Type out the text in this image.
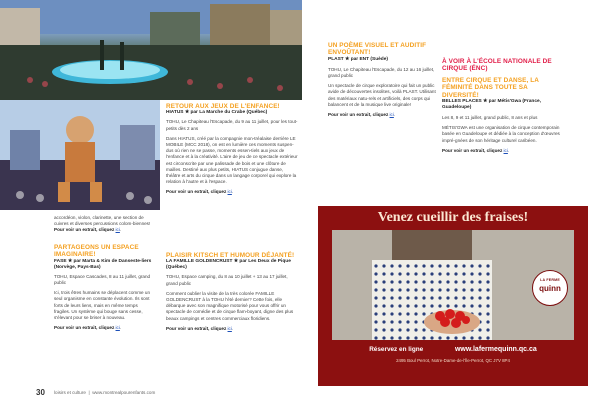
accordéon, violon, clarinette, une section de cuivres et diverses percussions colom-biennes! Pour voir un extrait, cliquez ici.

PARTAGEONS UN ESPACE IMAGINAIRE!
FASE ★ par Marta & Kim de Danseste-liers (Norvège, Pays-Bas)

TOHU, Espace Cascades, 8 au 11 juillet, grand public

Ici, trois êtres humains se déplacent comme un seul organisme en constante évolution. Ils sont forts de leurs liens, mais en même temps fragiles. Un système qui bouge sans cesse, s'élevant pour se briser à nouveau.

Pour voir un extrait, cliquez ici.

RETOUR AUX JEUX DE L'ENFANCE!
HIATUS ★ par La Marche du Crabe (Québec)

TOHU, Le Chapiteau l'Escapade, du 9 au 11 juillet, pour les tout-petits dès 2 ans

Dans HIATUS, créé par la compagnie mon-tréalaise derrière LE MOBILE (MCC 2018), on est en lumière ces moments suspen-dus où rien ne se passe, moments essen-tiels aux jeux de l'enfance et à la créativité. L'aire de jeu de ce spectacle extérieur est circonscrite par une palissade de bois et une clôture de mailles. Destiné aux plus petits, HIATUS conjugue danse, théâtre et arts du cirque dans un langage corporel qui explore la relation à l'autre et à l'espace.

Pour voir un extrait, cliquez ici.

PLAISIR KITSCH ET HUMOUR DÉJANTÉ!
LA FAMILLE GOLDENCRUST ★ par Les Deux de Pique (Québec)

TOHU, Espace camping, du 8 au 10 juillet + 13 au 17 juillet, grand public

Comment oublier la visite de la très colorée FAMILLE GOLDENCRUST à la TOHU l'été dernier? Cette fois, elle débarque avec son magnifique motorisé pour vous offrir un spectacle de comédie et de cirque flam-boyant, digne des plus beaux campings et centres commerciaux floridiens.

Pour voir un extrait, cliquez ici.

UN POÈME VISUEL ET AUDITIF ENVOÛTANT!
PLAST ★ par ENT (Suède)

TOHU, Le Chapiteau l'Escapade, du 12 au 16 juillet, grand public

Un spectacle de cirque exploratoire qui fait un public avide de découvertes insolites, voilà PLAST. Utilisant des matériaux natu-rels et artificiels, des corps qui balancent et de la musique live originale!

Pour voir un extrait, cliquez ici.

À VOIR À L'ÉCOLE NATIONALE DE CIRQUE (ÉNC)
ENTRE CIRQUE ET DANSE, LA FÉMINITÉ DANS TOUTE SA DIVERSITÉ!
BELLES PLACES ★ par Métis'Gwa (France, Guadeloupe)

Les 8, 9 et 11 juillet, grand public, 8 ans et plus

MÉTIS'GWA est une organisation de cirque contemporain basée en Guadeloupe et dédiée à la conception d'œuvres impré-gnées de son héritage culturel caribéen.

Pour voir un extrait, cliquez ici.

Venez cueillir des fraises!
LA FERME
quinn
Réservez en ligne	www.lafermequinn.qc.ca
2495 Boul Perrot, Notre-Dame-de-l'Île-Perrot, QC J7V 8P4
30 loisirs et culture  |  www.montrealpourenfants.com
